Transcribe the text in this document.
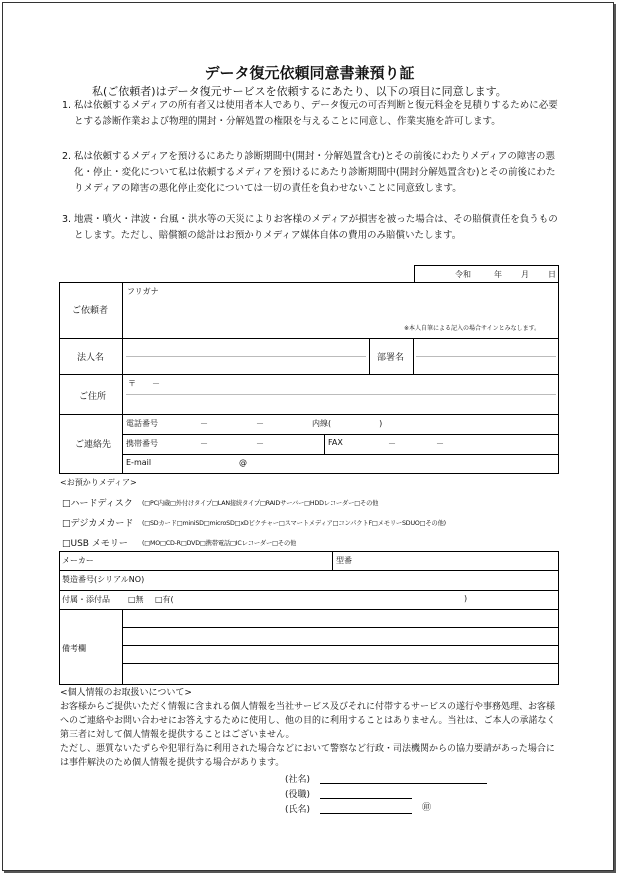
データ復元依頼同意書兼預り証
私(ご依頼者)はデータ復元サービスを依頼するにあたり、以下の項目に同意します。
1. 私は依頼するメディアの所有者又は使用者本人であり、データ復元の可否判断と復元料金を見積りするために必要とする診断作業および物理的開封・分解処置の権限を与えることに同意し、作業実施を許可します。
2. 私は依頼するメディアを預けるにあたり診断期間中(開封・分解処置含む)とその前後にわたりメディアの障害の悪化・停止・変化について私は依頼するメディアを預けるにあたり診断期間中(開封分解処置含む)とその前後にわたりメディアの障害の悪化停止変化については一切の責任を負わせないことに同意致します。
3. 地震・噴火・津波・台風・洪水等の天災によりお客様のメディアが損害を被った場合は、その賠償責任を負うものとします。ただし、賠償額の総計はお預かりメディア媒体自体の費用のみ賠償いたします。
令和	年 月 日
ご依頼者
フリガナ
※本人自筆による記入の場合サインとみなします。
法人名	部署名
ご住所
〒　　－
ご連絡先
電話番号	－　　　　　　－	内線(　　　　　　)
携帯番号	－　　　　　　－	FAX	－　　　　　－
E-mail	@
<お預かりメディア>
□ハードディスク (□PC内蔵□外付けタイプ□LAN接続タイプ□RAIDサーバー□HDDレコーダー□その他
□デジカメカード (□SDカード□miniSD□microSD□xDピクチャー□スマートメディア□コンパクトF□メモリーSDUO□その他)
□USB メモリー (□MO□CD-R□DVD□携帯電話□ICレコーダー□その他
メーカー	型番
製造番号(シリアルNO)
付属・添付品 □無 □有(	)
備考欄
<個人情報のお取扱いについて>
お客様からご提供いただく情報に含まれる個人情報を当社サービス及びそれに付帯するサービスの遂行や事務処理、お客様へのご連絡やお問い合わせにお答えするために使用し、他の目的に利用することはありません。当社は、ご本人の承諾なく第三者に対して個人情報を提供することはございません。
ただし、悪質ないたずらや犯罪行為に利用された場合などにおいて警察など行政・司法機関からの協力要請があった場合には事件解決のため個人情報を提供する場合があります。
(社名)
(役職)
(氏名)	㊞
